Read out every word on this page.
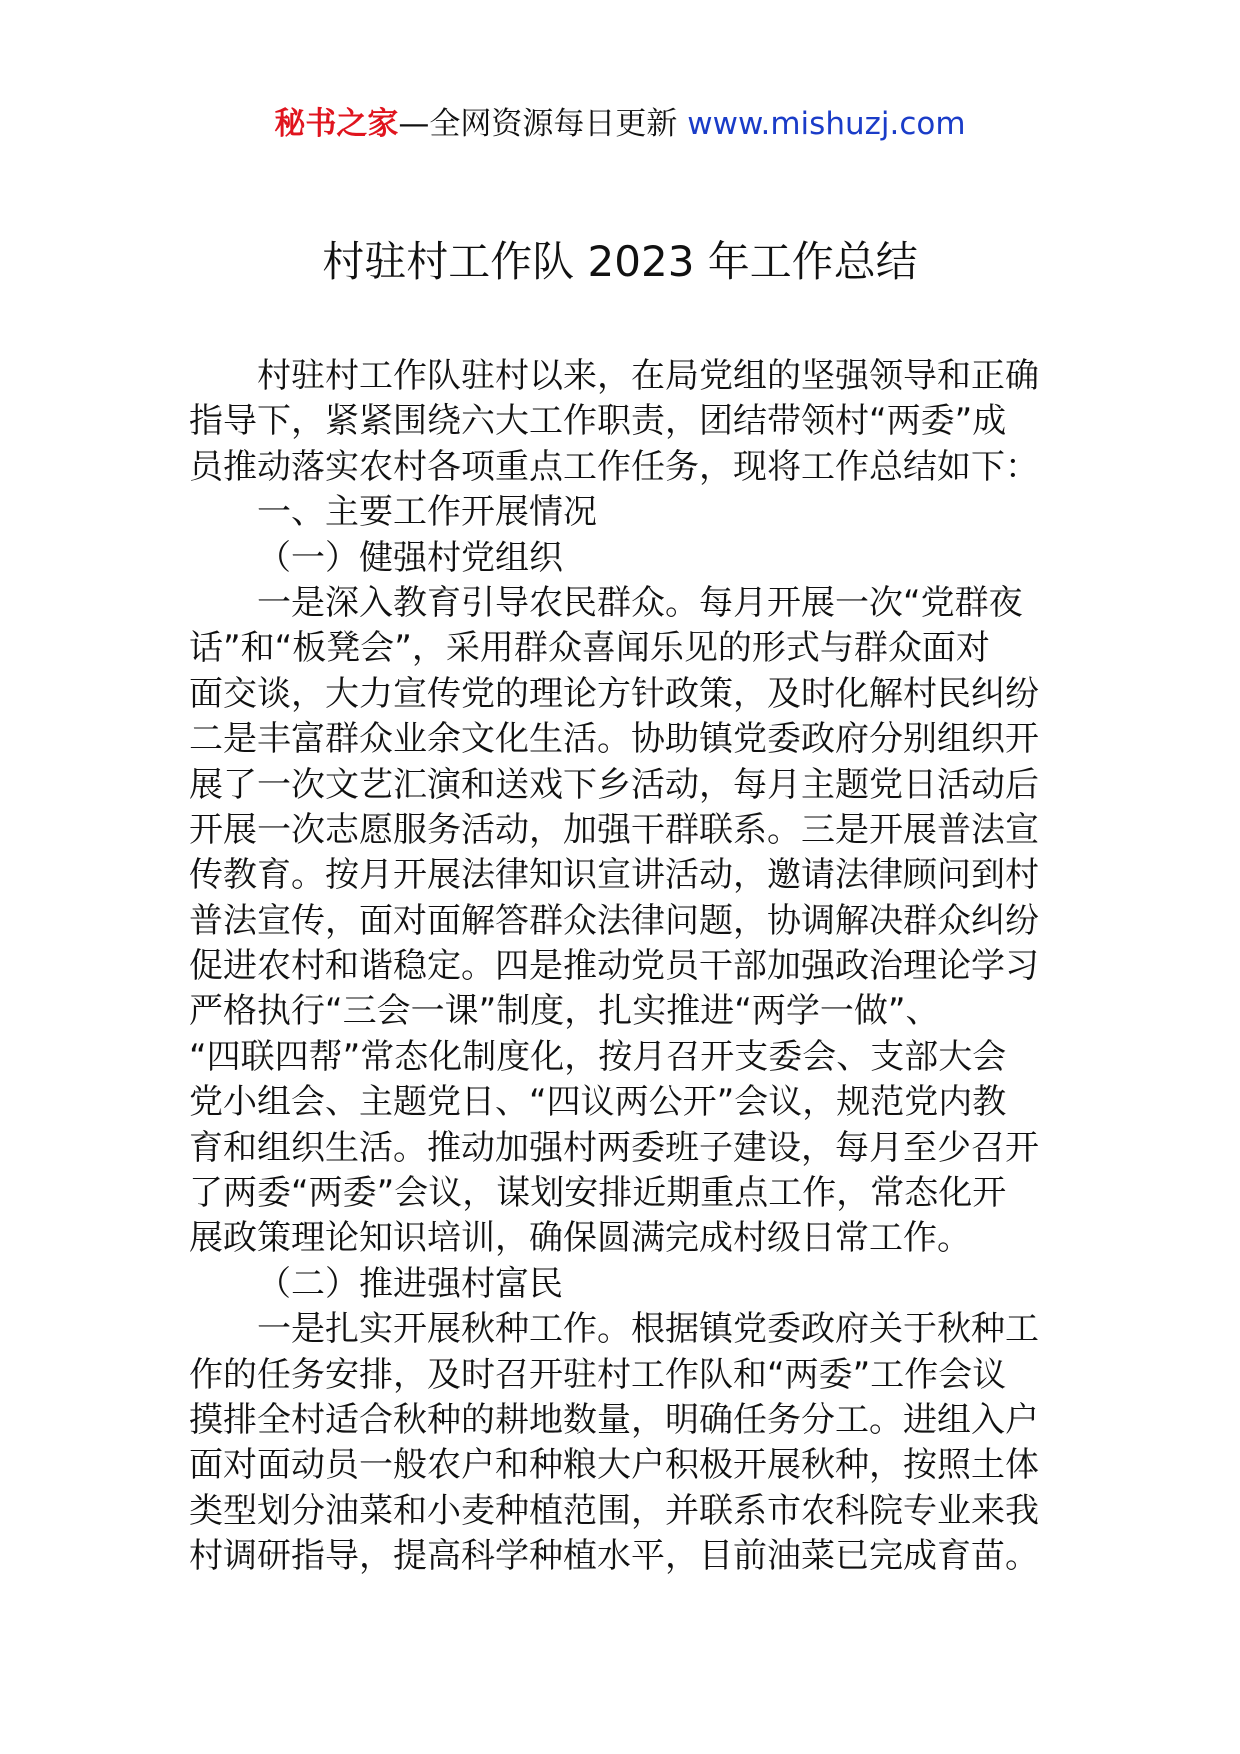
秘书之家—全网资源每日更新 www.mishuzj.com
村驻村工作队 2023 年工作总结
村驻村工作队驻村以来，在局党组的坚强领导和正确
指导下，紧紧围绕六大工作职责，团结带领村“两委”成
员推动落实农村各项重点工作任务，现将工作总结如下：
一、主要工作开展情况
（一）健强村党组织
一是深入教育引导农民群众。每月开展一次“党群夜
话”和“板凳会”，采用群众喜闻乐见的形式与群众面对
面交谈，大力宣传党的理论方针政策，及时化解村民纠纷
二是丰富群众业余文化生活。协助镇党委政府分别组织开
展了一次文艺汇演和送戏下乡活动，每月主题党日活动后
开展一次志愿服务活动，加强干群联系。三是开展普法宣
传教育。按月开展法律知识宣讲活动，邀请法律顾问到村
普法宣传，面对面解答群众法律问题，协调解决群众纠纷
促进农村和谐稳定。四是推动党员干部加强政治理论学习
严格执行“三会一课”制度，扎实推进“两学一做”、
“四联四帮”常态化制度化，按月召开支委会、支部大会
党小组会、主题党日、“四议两公开”会议，规范党内教
育和组织生活。推动加强村两委班子建设，每月至少召开
了两委“两委”会议，谋划安排近期重点工作，常态化开
展政策理论知识培训，确保圆满完成村级日常工作。
（二）推进强村富民
一是扎实开展秋种工作。根据镇党委政府关于秋种工
作的任务安排，及时召开驻村工作队和“两委”工作会议
摸排全村适合秋种的耕地数量，明确任务分工。进组入户
面对面动员一般农户和种粮大户积极开展秋种，按照土体
类型划分油菜和小麦种植范围，并联系市农科院专业来我
村调研指导，提高科学种植水平，目前油菜已完成育苗。
